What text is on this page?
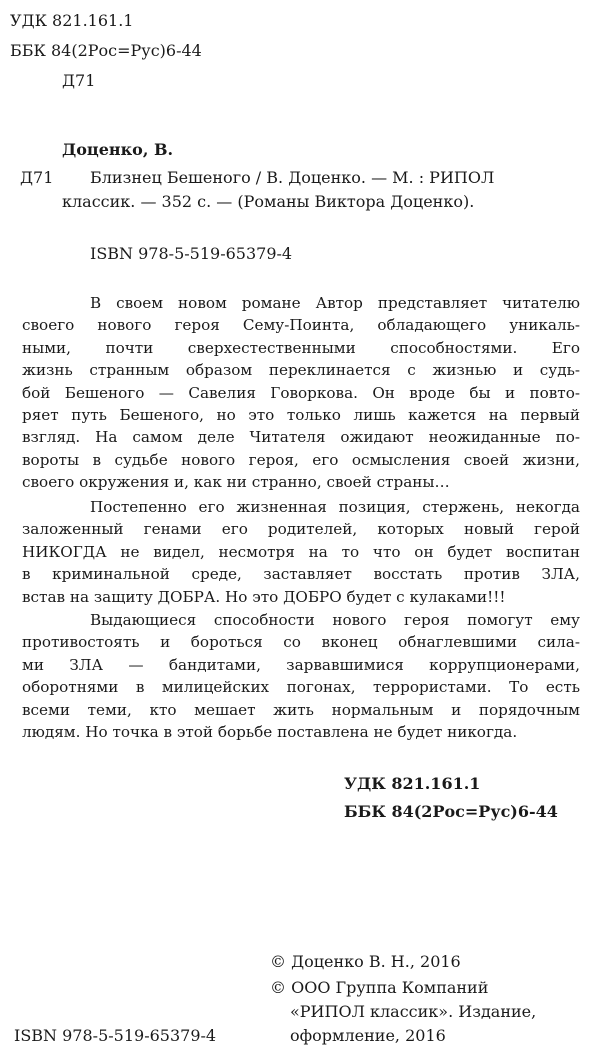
УДК 821.161.1
ББК 84(2Рос=Рус)6-44
Д71
Доценко, В.
Д71 Близнец Бешеного / В. Доценко. — М. : РИПОЛ
классик. — 352 с. — (Романы Виктора Доценко).
ISBN 978-5-519-65379-4
В своем новом романе Автор представляет читателю
своего нового героя Сему-Поинта, обладающего уникаль-
ными, почти сверхестественными способностями. Его
жизнь странным образом переклинается с жизнью и судь-
бой Бешеного — Савелия Говоркова. Он вроде бы и повто-
ряет путь Бешеного, но это только лишь кажется на первый
взгляд. На самом деле Читателя ожидают неожиданные по-
вороты в судьбе нового героя, его осмысления своей жизни,
своего окружения и, как ни странно, своей страны…
Постепенно его жизненная позиция, стержень, некогда
заложенный генами его родителей, которых новый герой
НИКОГДА не видел, несмотря на то что он будет воспитан
в криминальной среде, заставляет восстать против ЗЛА,
встав на защиту ДОБРА. Но это ДОБРО будет с кулаками!!!
Выдающиеся способности нового героя помогут ему
противостоять и бороться со вконец обнаглевшими сила-
ми ЗЛА — бандитами, зарвавшимися коррупционерами,
оборотнями в милицейских погонах, террористами. То есть
всеми теми, кто мешает жить нормальным и порядочным
людям. Но точка в этой борьбе поставлена не будет никогда.
УДК 821.161.1
ББК 84(2Рос=Рус)6-44
© Доценко В. Н., 2016
© ООО Группа Компаний
«РИПОЛ классик». Издание,
оформление, 2016
ISBN 978-5-519-65379-4
